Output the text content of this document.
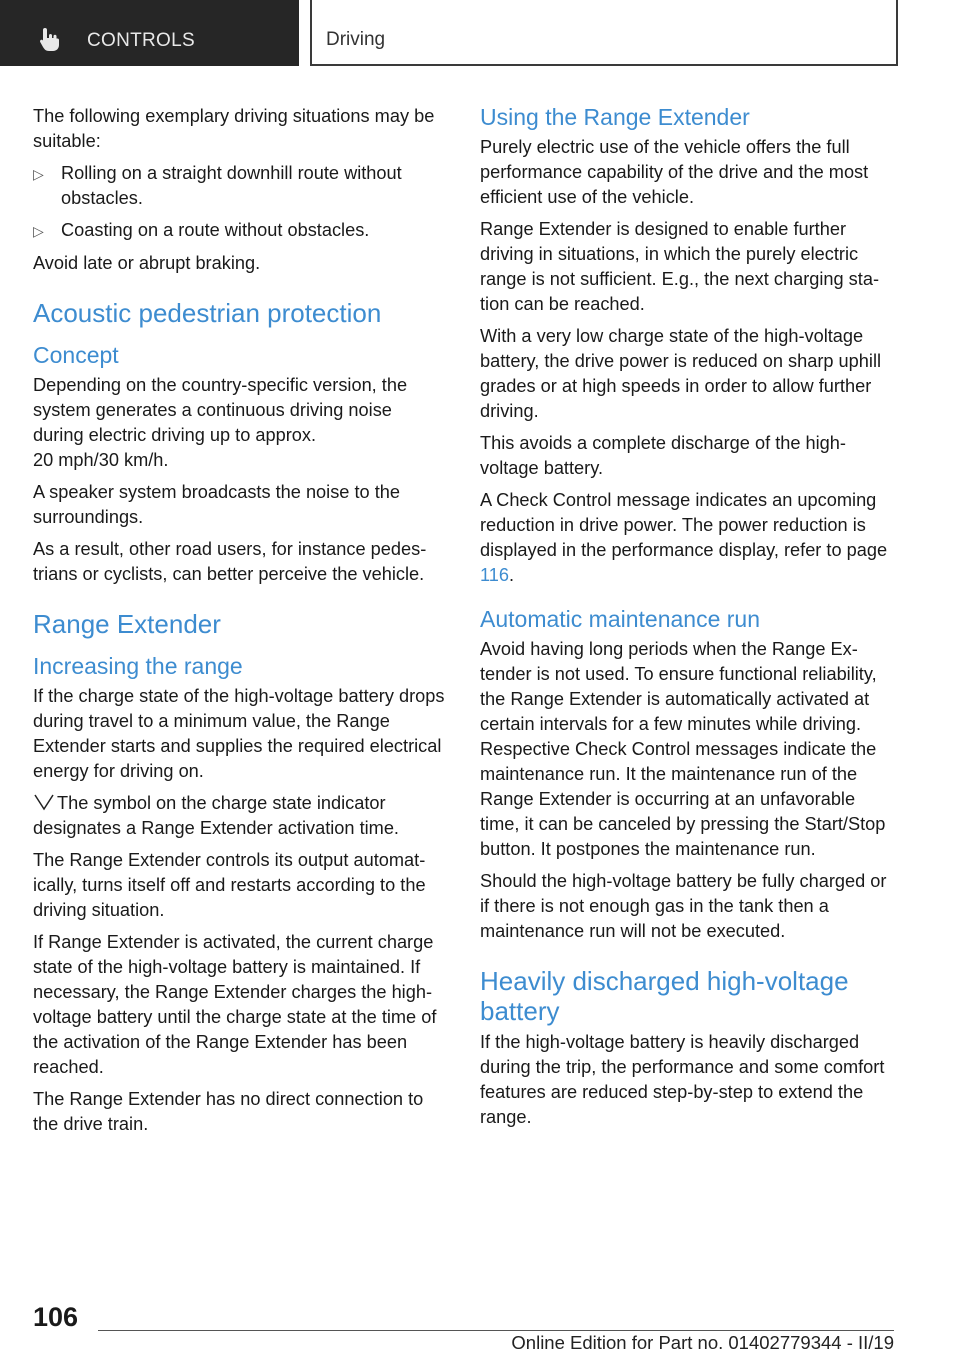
CONTROLS	Driving

The following exemplary driving situations may be suitable:

▷ Rolling on a straight downhill route without obstacles.
▷ Coasting on a route without obstacles.

Avoid late or abrupt braking.

Acoustic pedestrian protection
Concept

Depending on the country-specific version, the system generates a continuous driving noise during electric driving up to approx.
20 mph/30 km/h.

A speaker system broadcasts the noise to the surroundings.

As a result, other road users, for instance pedestrians or cyclists, can better perceive the vehicle.

Range Extender
Increasing the range

If the charge state of the high-voltage battery drops during travel to a minimum value, the Range Extender starts and supplies the required electrical energy for driving on.

The symbol on the charge state indicator designates a Range Extender activation time.

The Range Extender controls its output automatically, turns itself off and restarts according to the driving situation.

If Range Extender is activated, the current charge state of the high-voltage battery is maintained. If necessary, the Range Extender charges the high-voltage battery until the charge state at the time of the activation of the Range Extender has been reached.

The Range Extender has no direct connection to the drive train.

Using the Range Extender

Purely electric use of the vehicle offers the full performance capability of the drive and the most efficient use of the vehicle.

Range Extender is designed to enable further driving in situations, in which the purely electric range is not sufficient. E.g., the next charging station can be reached.

With a very low charge state of the high-voltage battery, the drive power is reduced on sharp uphill grades or at high speeds in order to allow further driving.

This avoids a complete discharge of the high-voltage battery.

A Check Control message indicates an upcoming reduction in drive power. The power reduction is displayed in the performance display, refer to page 116.

Automatic maintenance run

Avoid having long periods when the Range Extender is not used. To ensure functional reliability, the Range Extender is automatically activated at certain intervals for a few minutes while driving. Respective Check Control messages indicate the maintenance run. It the maintenance run of the Range Extender is occurring at an unfavorable time, it can be canceled by pressing the Start/Stop button. It postpones the maintenance run.

Should the high-voltage battery be fully charged or if there is not enough gas in the tank then a maintenance run will not be executed.

Heavily discharged high-voltage battery

If the high-voltage battery is heavily discharged during the trip, the performance and some comfort features are reduced step-by-step to extend the range.

106
Online Edition for Part no. 01402779344 - II/19
